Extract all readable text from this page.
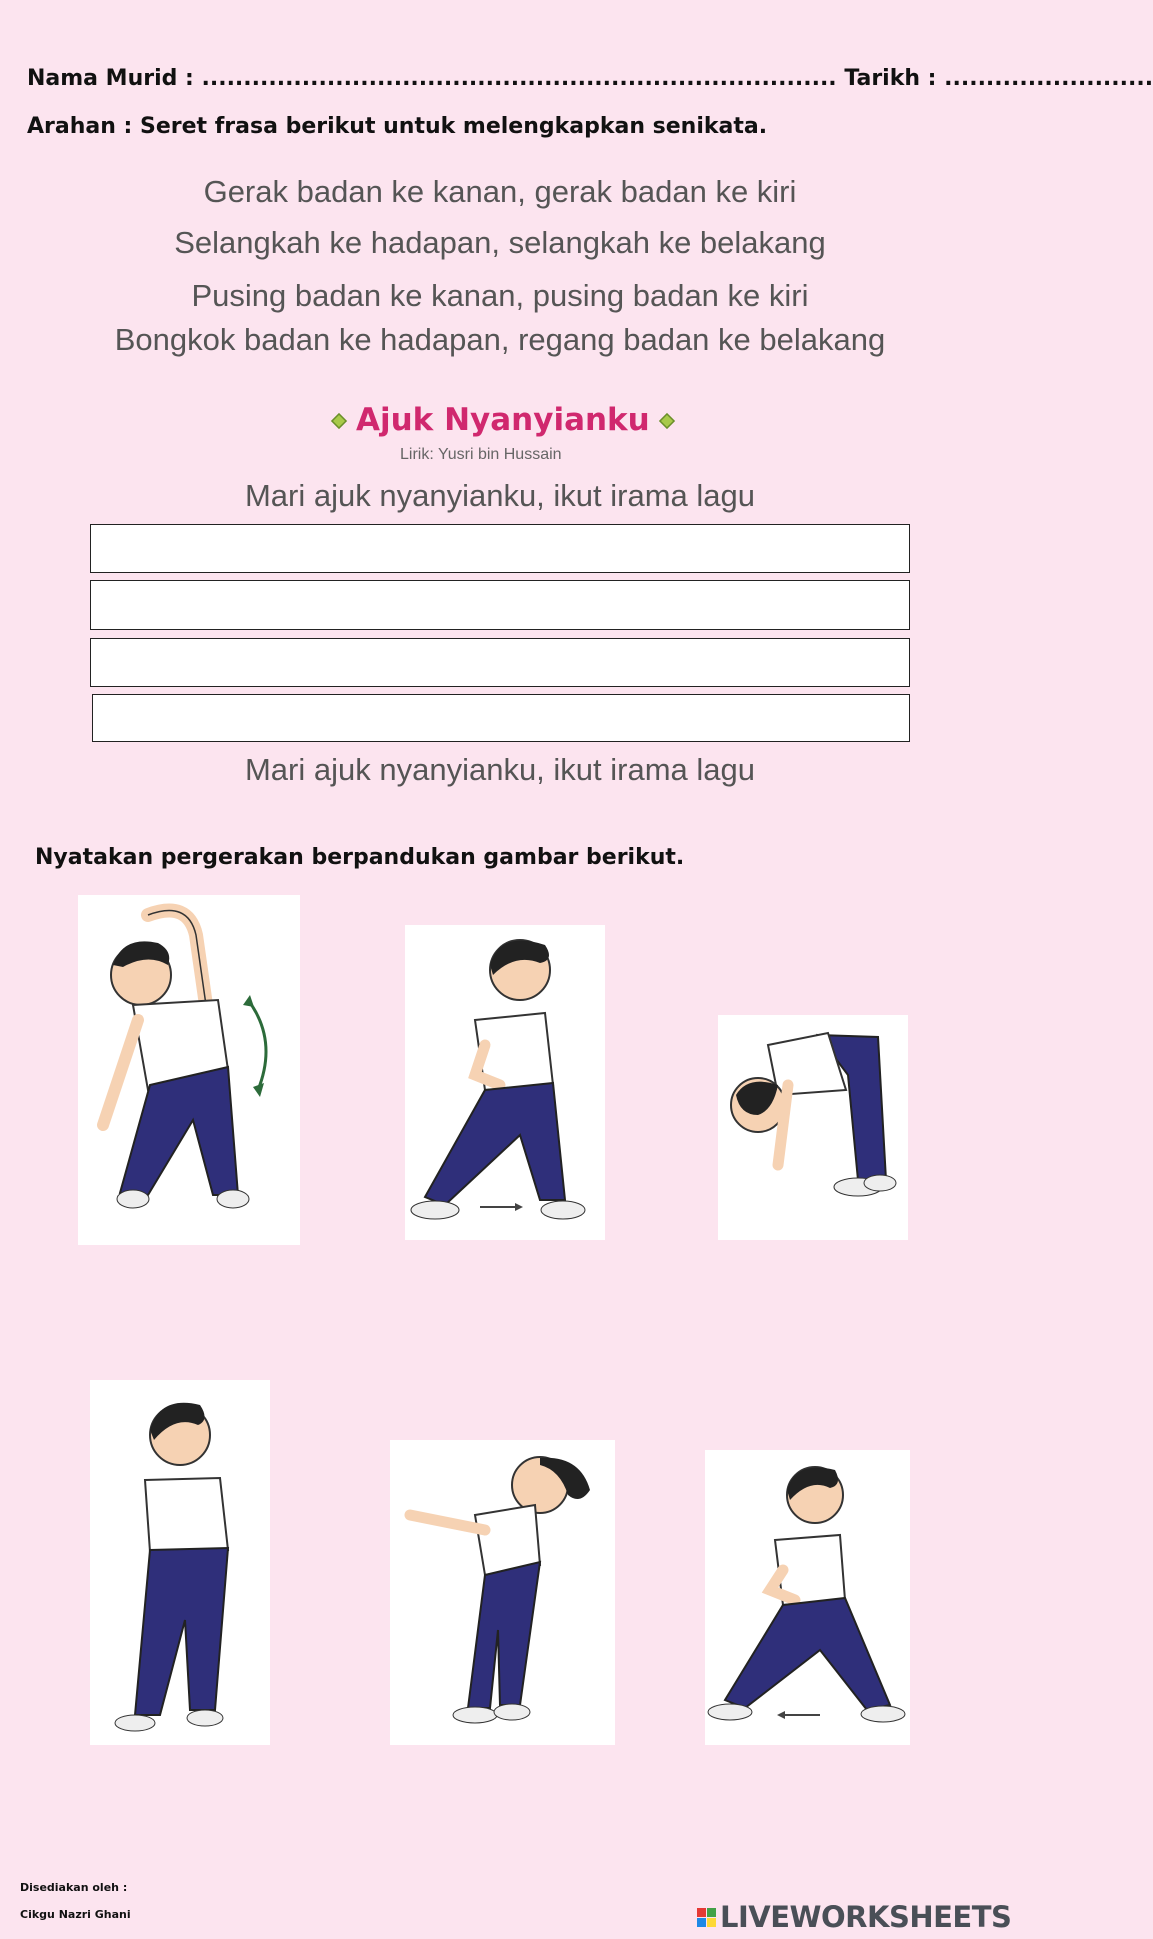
Nama Murid : ............................................................................ Tarikh : .........................
Arahan : Seret frasa berikut untuk melengkapkan senikata.
Gerak badan ke kanan, gerak badan ke kiri
Selangkah ke hadapan, selangkah ke belakang
Pusing badan ke kanan, pusing badan ke kiri
Bongkok badan ke hadapan, regang badan ke belakang
Ajuk Nyanyianku
Lirik: Yusri bin Hussain
Mari ajuk nyanyianku, ikut irama lagu
Mari ajuk nyanyianku, ikut irama lagu
Nyatakan pergerakan berpandukan gambar berikut.
Disediakan oleh :
Cikgu Nazri Ghani	LIVEWORKSHEETS
